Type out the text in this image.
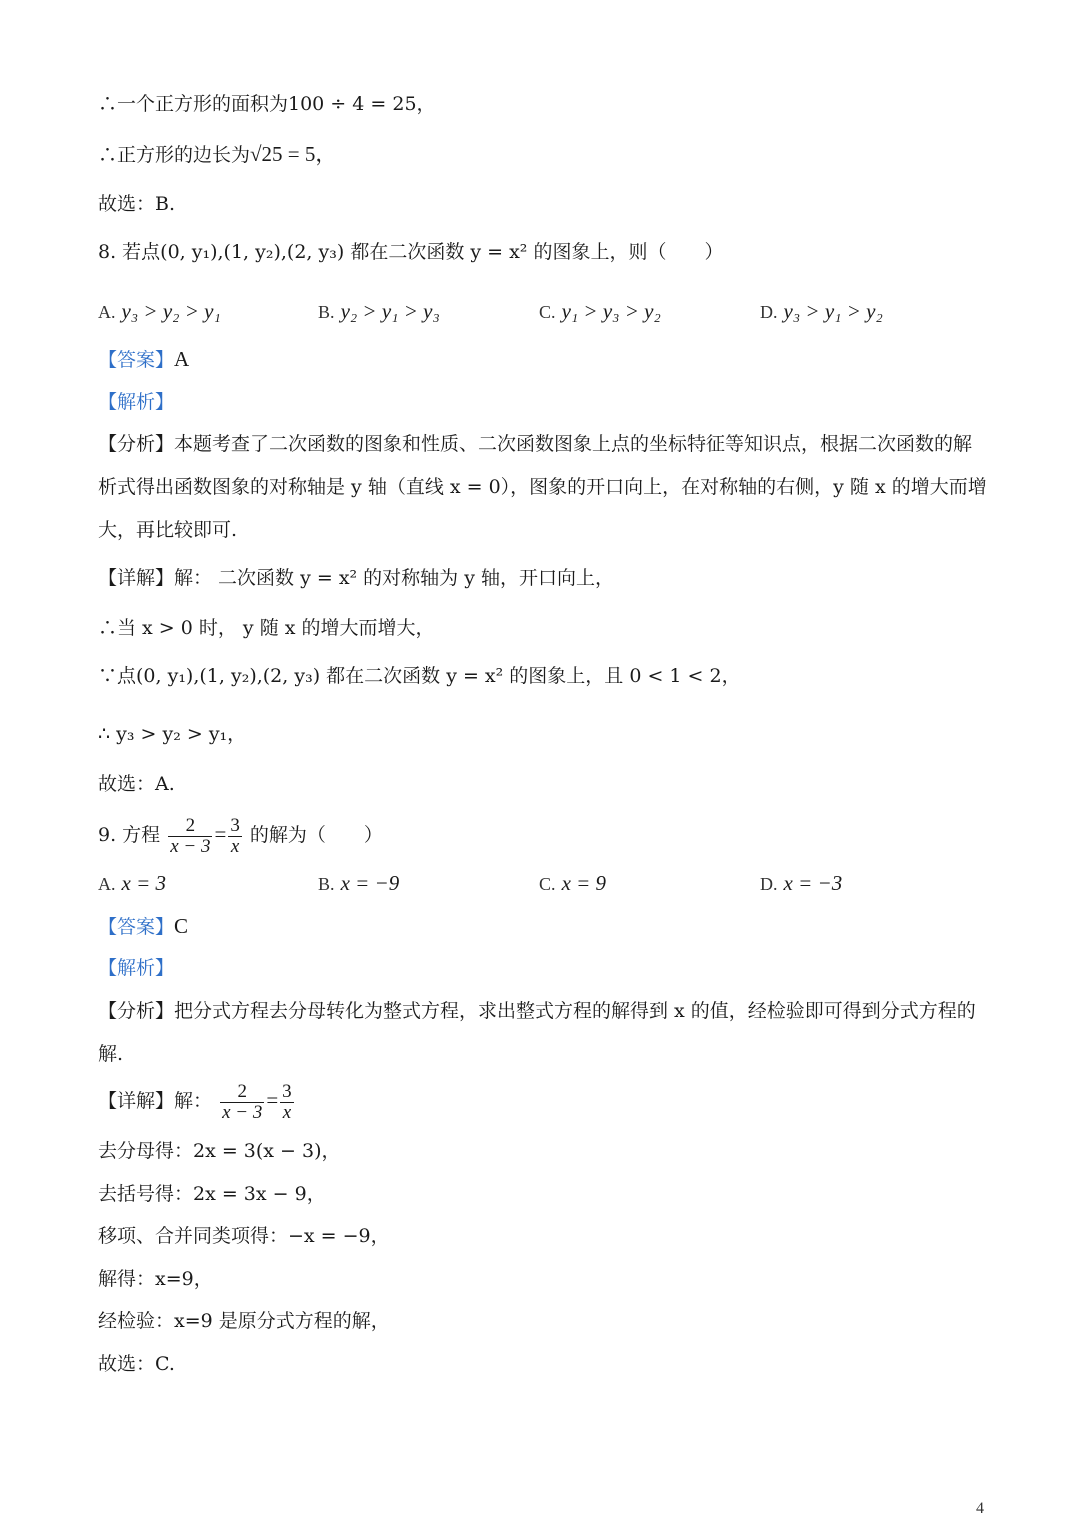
∴一个正方形的面积为100 ÷ 4 = 25，
∴正方形的边长为√25 = 5，
故选：B.
8. 若点(0, y₁),(1, y₂),(2, y₃) 都在二次函数 y = x² 的图象上，则（　　）
A. y₃ > y₂ > y₁	B. y₂ > y₁ > y₃	C. y₁ > y₃ > y₂	D. y₃ > y₁ > y₂
【答案】A
【解析】
【分析】本题考查了二次函数的图象和性质、二次函数图象上点的坐标特征等知识点，根据二次函数的解析式得出函数图象的对称轴是 y 轴（直线 x = 0），图象的开口向上，在对称轴的右侧，y 随 x 的增大而增大，再比较即可.
【详解】解： 二次函数 y = x² 的对称轴为 y 轴，开口向上，
∴当 x > 0 时， y 随 x 的增大而增大，
∵点(0, y₁),(1, y₂),(2, y₃) 都在二次函数 y = x² 的图象上，且 0 < 1 < 2，
∴ y₃ > y₂ > y₁，
故选：A.
9. 方程 $\frac{2}{x - 3} = \frac{3}{x}$ 的解为（　　）
A. x = 3	B. x = −9	C. x = 9	D. x = −3
【答案】C
【解析】
【分析】把分式方程去分母转化为整式方程，求出整式方程的解得到 x 的值，经检验即可得到分式方程的解.
【详解】解： $\frac{2}{x - 3} = \frac{3}{x}$
去分母得：2x = 3(x − 3)，
去括号得：2x = 3x − 9，
移项、合并同类项得：−x = −9，
解得：x=9，
经检验：x=9 是原分式方程的解，
故选：C.
4
